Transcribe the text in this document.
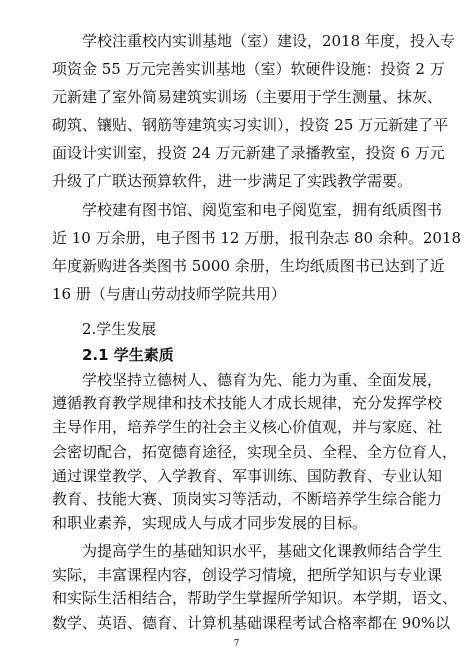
学校注重校内实训基地（室）建设，2018 年度，投入专
项资金 55 万元完善实训基地（室）软硬件设施：投资 2 万
元新建了室外简易建筑实训场（主要用于学生测量、抹灰、
砌筑、镶贴、钢筋等建筑实习实训），投资 25 万元新建了平
面设计实训室，投资 24 万元新建了录播教室，投资 6 万元
升级了广联达预算软件，进一步满足了实践教学需要。
学校建有图书馆、阅览室和电子阅览室，拥有纸质图书
近 10 万余册，电子图书 12 万册，报刊杂志 80 余种。2018
年度新购进各类图书 5000 余册，生均纸质图书已达到了近
16 册（与唐山劳动技师学院共用）
2.学生发展
2.1 学生素质
学校坚持立德树人、德育为先、能力为重、全面发展，
遵循教育教学规律和技术技能人才成长规律，充分发挥学校
主导作用，培养学生的社会主义核心价值观，并与家庭、社
会密切配合，拓宽德育途径，实现全员、全程、全方位育人，
通过课堂教学、入学教育、军事训练、国防教育、专业认知
教育、技能大赛、顶岗实习等活动，不断培养学生综合能力
和职业素养，实现成人与成才同步发展的目标。
为提高学生的基础知识水平，基础文化课教师结合学生
实际，丰富课程内容，创设学习情境，把所学知识与专业课
和实际生活相结合，帮助学生掌握所学知识。本学期，语文、
数学、英语、德育、计算机基础课程考试合格率都在 90%以
7
